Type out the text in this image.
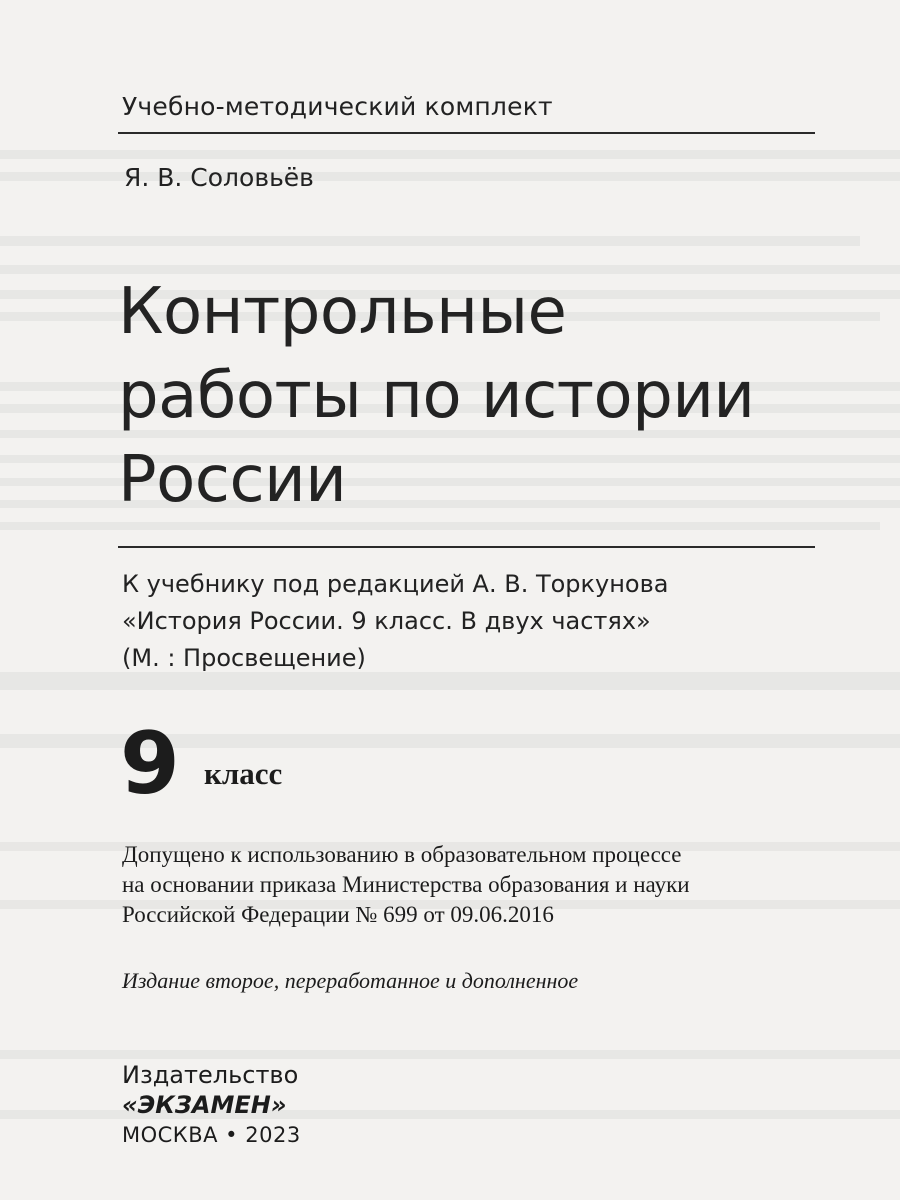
Учебно-методический комплект
Я. В. Соловьёв
Контрольные
работы по истории
России
К учебнику под редакцией А. В. Торкунова
«История России. 9 класс. В двух частях»
(М. : Просвещение)
9 класс
Допущено к использованию в образовательном процессе
на основании приказа Министерства образования и науки
Российской Федерации № 699 от 09.06.2016
Издание второе, переработанное и дополненное
Издательство
«ЭКЗАМЕН»
МОСКВА • 2023
